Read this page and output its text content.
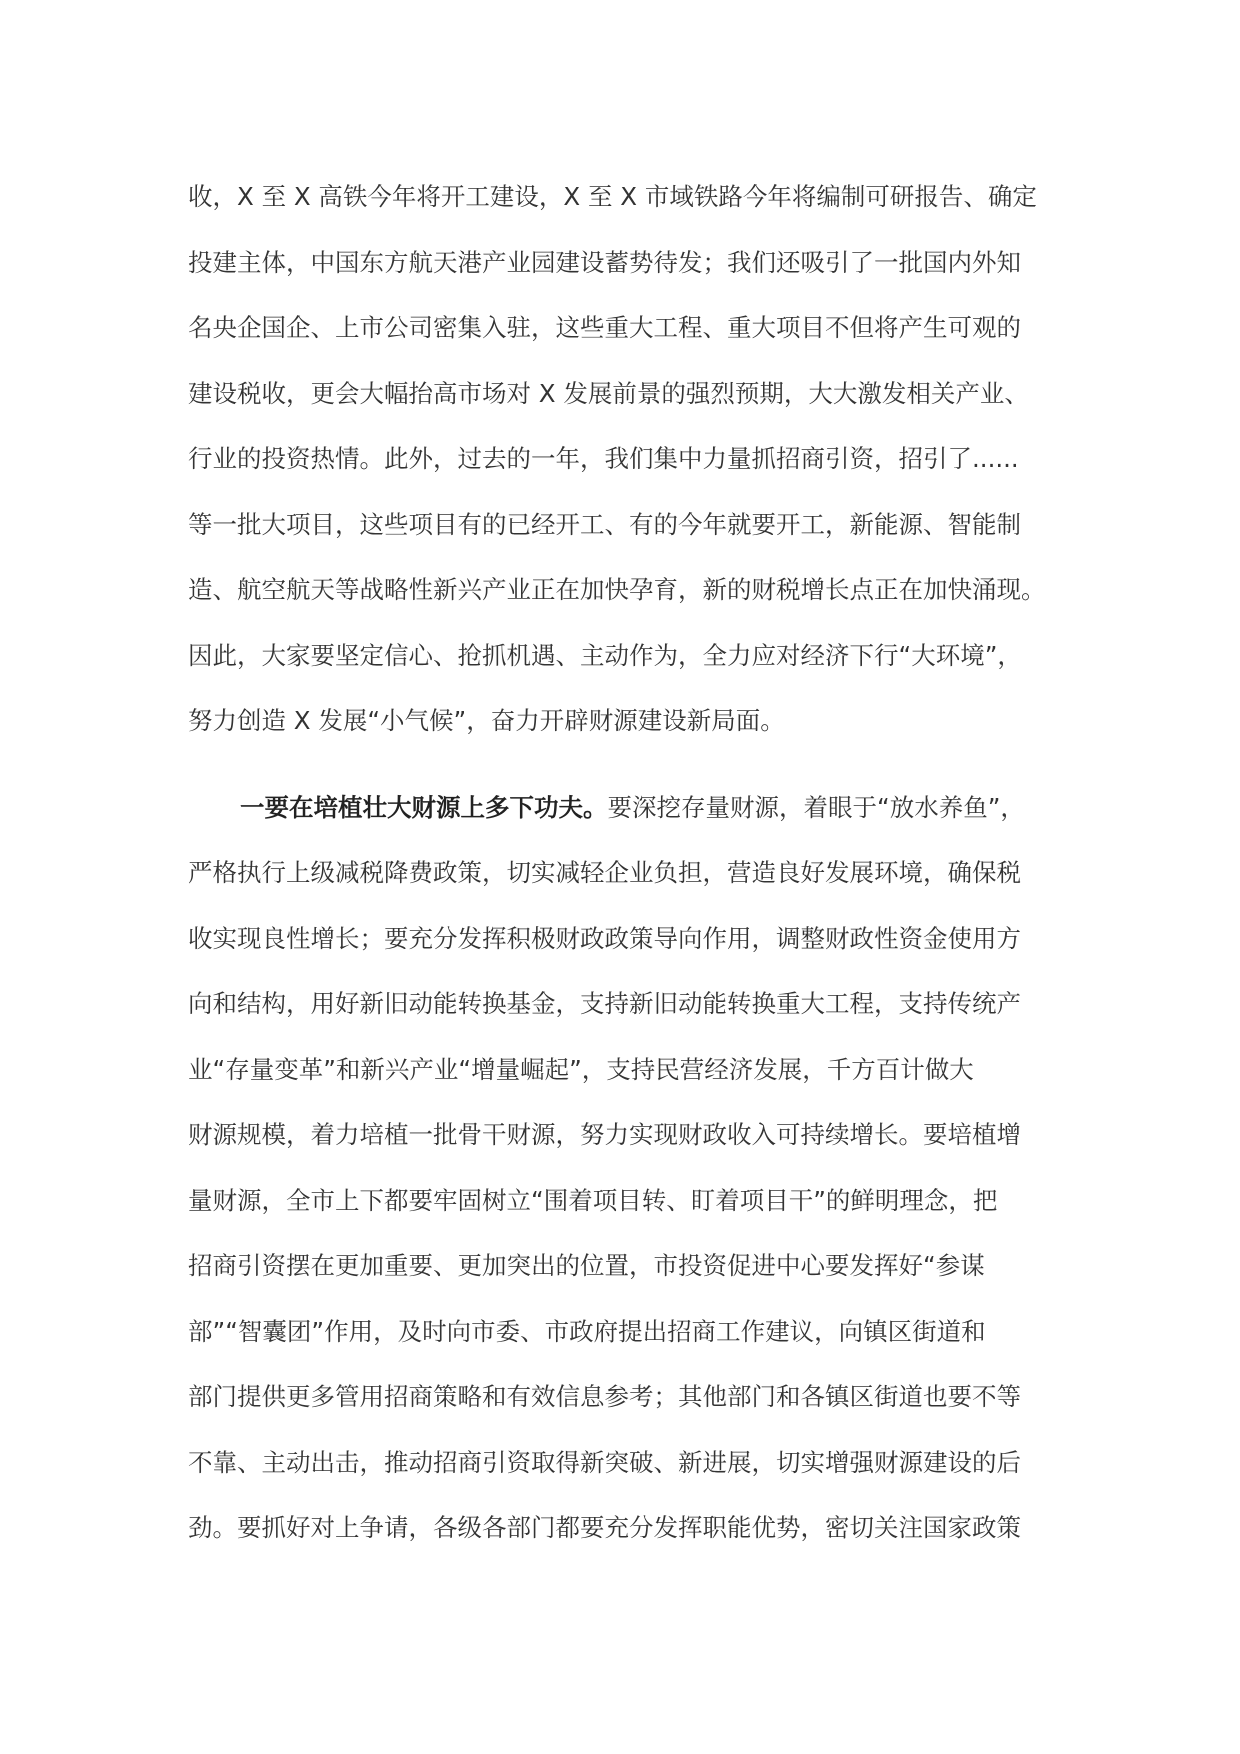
收，X 至 X 高铁今年将开工建设，X 至 X 市域铁路今年将编制可研报告、确定

投建主体，中国东方航天港产业园建设蓄势待发；我们还吸引了一批国内外知

名央企国企、上市公司密集入驻，这些重大工程、重大项目不但将产生可观的

建设税收，更会大幅抬高市场对 X 发展前景的强烈预期，大大激发相关产业、

行业的投资热情。此外，过去的一年，我们集中力量抓招商引资，招引了......

等一批大项目，这些项目有的已经开工、有的今年就要开工，新能源、智能制

造、航空航天等战略性新兴产业正在加快孕育，新的财税增长点正在加快涌现。

因此，大家要坚定信心、抢抓机遇、主动作为，全力应对经济下行“大环境”，

努力创造 X 发展“小气候”，奋力开辟财源建设新局面。

一要在培植壮大财源上多下功夫。要深挖存量财源，着眼于“放水养鱼”，

严格执行上级减税降费政策，切实减轻企业负担，营造良好发展环境，确保税

收实现良性增长；要充分发挥积极财政政策导向作用，调整财政性资金使用方

向和结构，用好新旧动能转换基金，支持新旧动能转换重大工程，支持传统产

业“存量变革”和新兴产业“增量崛起”，支持民营经济发展，千方百计做大

财源规模，着力培植一批骨干财源，努力实现财政收入可持续增长。要培植增

量财源，全市上下都要牢固树立“围着项目转、盯着项目干”的鲜明理念，把

招商引资摆在更加重要、更加突出的位置，市投资促进中心要发挥好“参谋

部”“智囊团”作用，及时向市委、市政府提出招商工作建议，向镇区街道和

部门提供更多管用招商策略和有效信息参考；其他部门和各镇区街道也要不等

不靠、主动出击，推动招商引资取得新突破、新进展，切实增强财源建设的后

劲。要抓好对上争请，各级各部门都要充分发挥职能优势，密切关注国家政策
